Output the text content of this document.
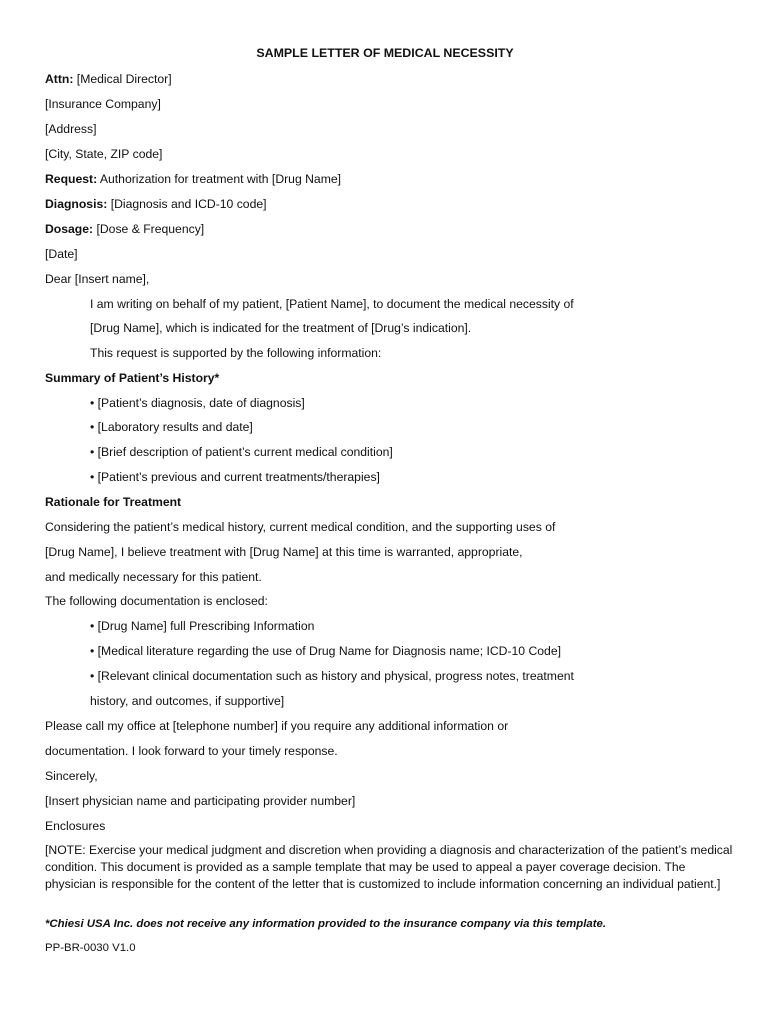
SAMPLE LETTER OF MEDICAL NECESSITY
Attn: [Medical Director]
[Insurance Company]
[Address]
[City, State, ZIP code]
Request: Authorization for treatment with [Drug Name]
Diagnosis: [Diagnosis and ICD-10 code]
Dosage: [Dose & Frequency]
[Date]
Dear [Insert name],
I am writing on behalf of my patient, [Patient Name], to document the medical necessity of
[Drug Name], which is indicated for the treatment of [Drug’s indication].
This request is supported by the following information:
Summary of Patient’s History*
• [Patient’s diagnosis, date of diagnosis]
• [Laboratory results and date]
• [Brief description of patient’s current medical condition]
• [Patient’s previous and current treatments/therapies]
Rationale for Treatment
Considering the patient’s medical history, current medical condition, and the supporting uses of
[Drug Name], I believe treatment with [Drug Name] at this time is warranted, appropriate,
and medically necessary for this patient.
The following documentation is enclosed:
• [Drug Name] full Prescribing Information
• [Medical literature regarding the use of Drug Name for Diagnosis name; ICD-10 Code]
• [Relevant clinical documentation such as history and physical, progress notes, treatment
history, and outcomes, if supportive]
Please call my office at [telephone number] if you require any additional information or
documentation. I look forward to your timely response.
Sincerely,
[Insert physician name and participating provider number]
Enclosures
[NOTE: Exercise your medical judgment and discretion when providing a diagnosis and characterization of the patient’s medical condition. This document is provided as a sample template that may be used to appeal a payer coverage decision. The physician is responsible for the content of the letter that is customized to include information concerning an individual patient.]
*Chiesi USA Inc. does not receive any information provided to the insurance company via this template.
PP-BR-0030 V1.0
